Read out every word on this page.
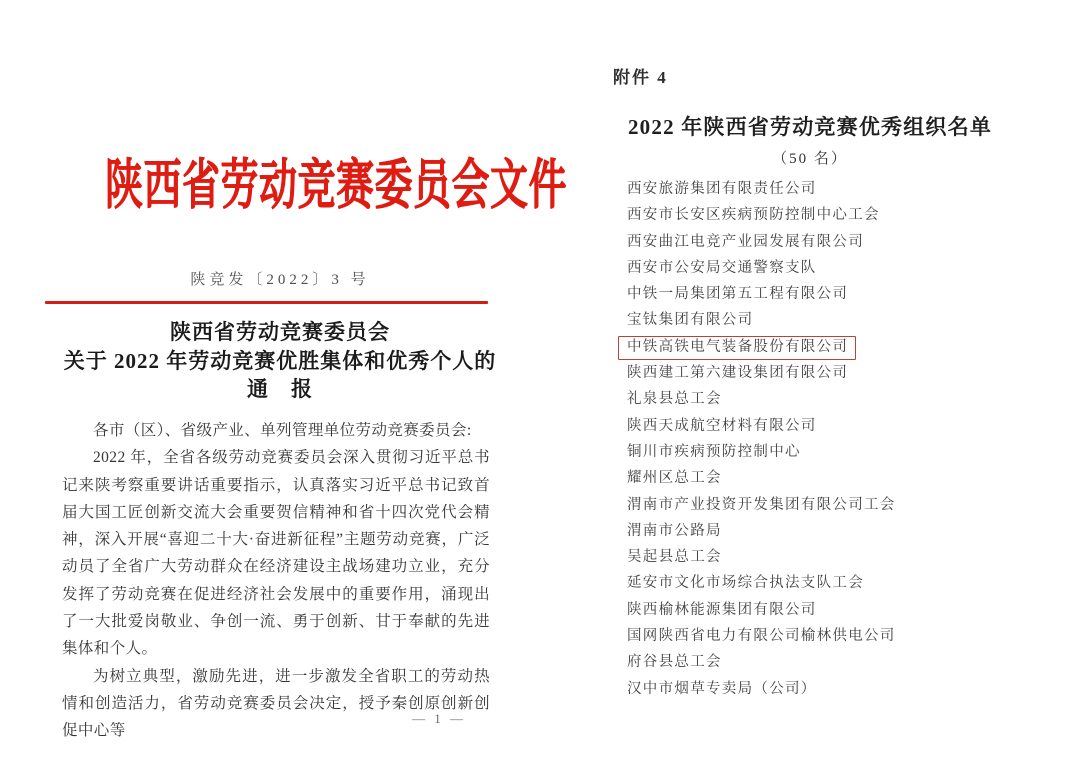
陕西省劳动竞赛委员会文件
陕竞发〔2022〕3 号
陕西省劳动竞赛委员会
关于 2022 年劳动竞赛优胜集体和优秀个人的
通　报

各市（区）、省级产业、单列管理单位劳动竞赛委员会:

2022 年，全省各级劳动竞赛委员会深入贯彻习近平总书记来陕考察重要讲话重要指示，认真落实习近平总书记致首届大国工匠创新交流大会重要贺信精神和省十四次党代会精神，深入开展“喜迎二十大·奋进新征程”主题劳动竞赛，广泛动员了全省广大劳动群众在经济建设主战场建功立业，充分发挥了劳动竞赛在促进经济社会发展中的重要作用，涌现出了一大批爱岗敬业、争创一流、勇于创新、甘于奉献的先进集体和个人。

为树立典型，激励先进，进一步激发全省职工的劳动热情和创造活力，省劳动竞赛委员会决定，授予秦创原创新创促中心等

— 1 —
附件 4
2022 年陕西省劳动竞赛优秀组织名单
（50 名）
西安旅游集团有限责任公司
西安市长安区疾病预防控制中心工会
西安曲江电竞产业园发展有限公司
西安市公安局交通警察支队
中铁一局集团第五工程有限公司
宝钛集团有限公司
中铁高铁电气装备股份有限公司
陕西建工第六建设集团有限公司
礼泉县总工会
陕西天成航空材料有限公司
铜川市疾病预防控制中心
耀州区总工会
渭南市产业投资开发集团有限公司工会
渭南市公路局
吴起县总工会
延安市文化市场综合执法支队工会
陕西榆林能源集团有限公司
国网陕西省电力有限公司榆林供电公司
府谷县总工会
汉中市烟草专卖局（公司）
